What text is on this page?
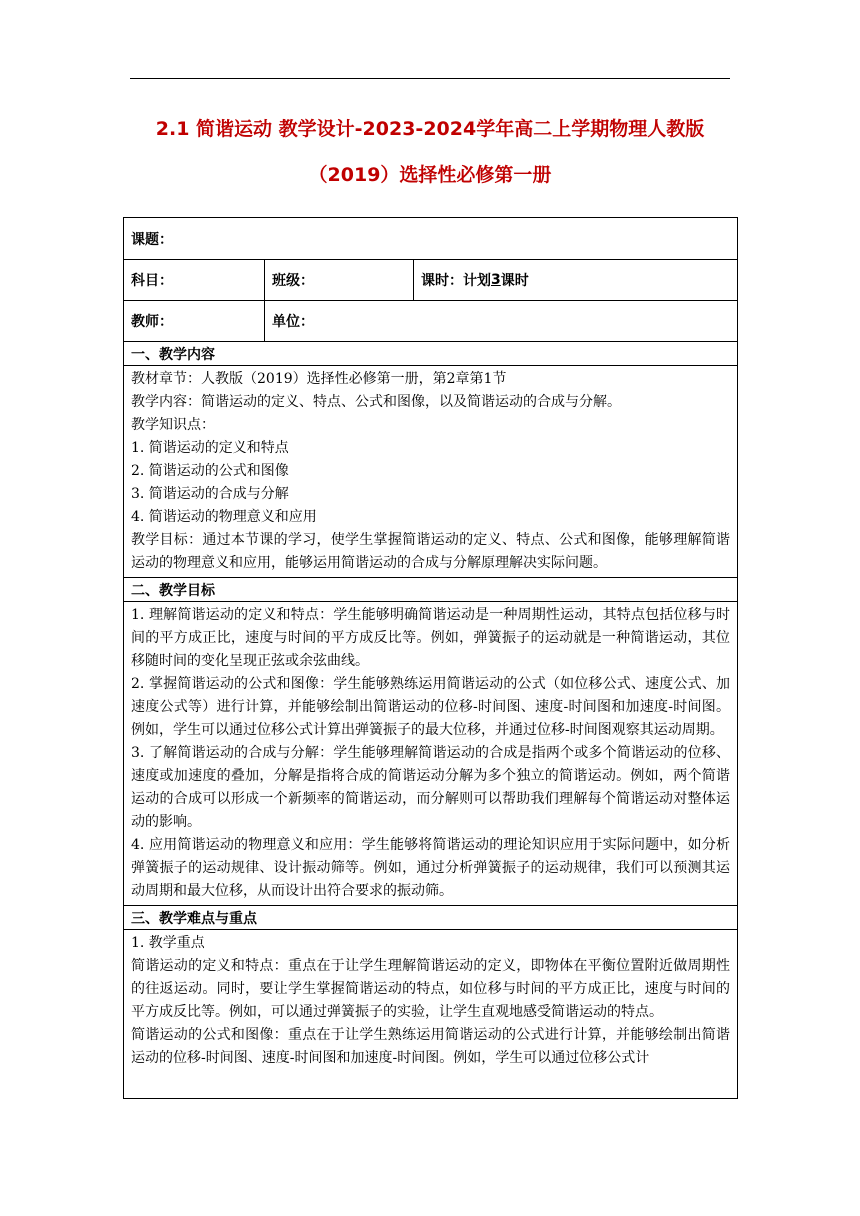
2.1 简谐运动 教学设计-2023-2024学年高二上学期物理人教版
（2019）选择性必修第一册
课题：
科目：	班级：	课时：计划 3 课时
教师：	单位：
一、教学内容

教材章节：人教版（2019）选择性必修第一册，第2章第1节

教学内容：简谐运动的定义、特点、公式和图像，以及简谐运动的合成与分解。

教学知识点：

1. 简谐运动的定义和特点

2. 简谐运动的公式和图像

3. 简谐运动的合成与分解

4. 简谐运动的物理意义和应用

教学目标：通过本节课的学习，使学生掌握简谐运动的定义、特点、公式和图像，能够理解简谐运动的物理意义和应用，能够运用简谐运动的合成与分解原理解决实际问题。

二、教学目标

1. 理解简谐运动的定义和特点：学生能够明确简谐运动是一种周期性运动，其特点包括位移与时间的平方成正比，速度与时间的平方成反比等。例如，弹簧振子的运动就是一种简谐运动，其位移随时间的变化呈现正弦或余弦曲线。

2. 掌握简谐运动的公式和图像：学生能够熟练运用简谐运动的公式（如位移公式、速度公式、加速度公式等）进行计算，并能够绘制出简谐运动的位移-时间图、速度-时间图和加速度-时间图。例如，学生可以通过位移公式计算出弹簧振子的最大位移，并通过位移-时间图观察其运动周期。

3. 了解简谐运动的合成与分解：学生能够理解简谐运动的合成是指两个或多个简谐运动的位移、速度或加速度的叠加，分解是指将合成的简谐运动分解为多个独立的简谐运动。例如，两个简谐运动的合成可以形成一个新频率的简谐运动，而分解则可以帮助我们理解每个简谐运动对整体运动的影响。

4. 应用简谐运动的物理意义和应用：学生能够将简谐运动的理论知识应用于实际问题中，如分析弹簧振子的运动规律、设计振动筛等。例如，通过分析弹簧振子的运动规律，我们可以预测其运动周期和最大位移，从而设计出符合要求的振动筛。

三、教学难点与重点

1. 教学重点

简谐运动的定义和特点：重点在于让学生理解简谐运动的定义，即物体在平衡位置附近做周期性的往返运动。同时，要让学生掌握简谐运动的特点，如位移与时间的平方成正比，速度与时间的平方成反比等。例如，可以通过弹簧振子的实验，让学生直观地感受简谐运动的特点。

简谐运动的公式和图像：重点在于让学生熟练运用简谐运动的公式进行计算，并能够绘制出简谐运动的位移-时间图、速度-时间图和加速度-时间图。例如，学生可以通过位移公式计
